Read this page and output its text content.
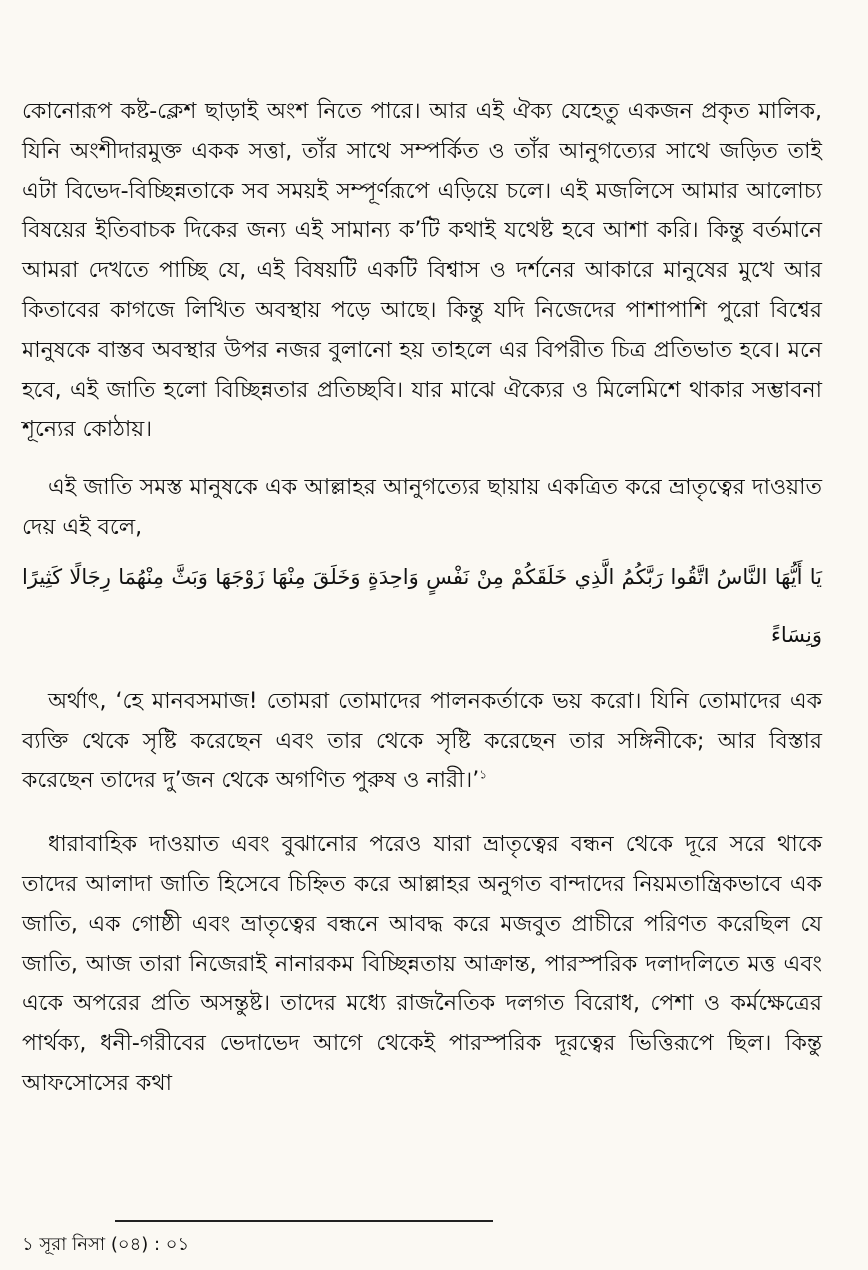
কোনোরূপ কষ্ট-ক্লেশ ছাড়াই অংশ নিতে পারে। আর এই ঐক্য যেহেতু একজন প্রকৃত মালিক, যিনি অংশীদারমুক্ত একক সত্তা, তাঁর সাথে সম্পর্কিত ও তাঁর আনুগত্যের সাথে জড়িত তাই এটা বিভেদ-বিচ্ছিন্নতাকে সব সময়ই সম্পূর্ণরূপে এড়িয়ে চলে। এই মজলিসে আমার আলোচ্য বিষয়ের ইতিবাচক দিকের জন্য এই সামান্য ক’টি কথাই যথেষ্ট হবে আশা করি। কিন্তু বর্তমানে আমরা দেখতে পাচ্ছি যে, এই বিষয়টি একটি বিশ্বাস ও দর্শনের আকারে মানুষের মুখে আর কিতাবের কাগজে লিখিত অবস্থায় পড়ে আছে। কিন্তু যদি নিজেদের পাশাপাশি পুরো বিশ্বের মানুষকে বাস্তব অবস্থার উপর নজর বুলানো হয় তাহলে এর বিপরীত চিত্র প্রতিভাত হবে। মনে হবে, এই জাতি হলো বিচ্ছিন্নতার প্রতিচ্ছবি। যার মাঝে ঐক্যের ও মিলেমিশে থাকার সম্ভাবনা শূন্যের কোঠায়।

এই জাতি সমস্ত মানুষকে এক আল্লাহর আনুগত্যের ছায়ায় একত্রিত করে ভ্রাতৃত্বের দাওয়াত দেয় এই বলে,

يَا أَيُّهَا النَّاسُ اتَّقُوا رَبَّكُمُ الَّذِي خَلَقَكُمْ مِنْ نَفْسٍ وَاحِدَةٍ وَخَلَقَ مِنْهَا زَوْجَهَا وَبَثَّ مِنْهُمَا رِجَالًا كَثِيرًا وَنِسَاءً

অর্থাৎ, ‘হে মানবসমাজ! তোমরা তোমাদের পালনকর্তাকে ভয় করো। যিনি তোমাদের এক ব্যক্তি থেকে সৃষ্টি করেছেন এবং তার থেকে সৃষ্টি করেছেন তার সঙ্গিনীকে; আর বিস্তার করেছেন তাদের দু’জন থেকে অগণিত পুরুষ ও নারী।’$^১$

ধারাবাহিক দাওয়াত এবং বুঝানোর পরেও যারা ভ্রাতৃত্বের বন্ধন থেকে দূরে সরে থাকে তাদের আলাদা জাতি হিসেবে চিহ্নিত করে আল্লাহর অনুগত বান্দাদের নিয়মতান্ত্রিকভাবে এক জাতি, এক গোষ্ঠী এবং ভ্রাতৃত্বের বন্ধনে আবদ্ধ করে মজবুত প্রাচীরে পরিণত করেছিল যে জাতি, আজ তারা নিজেরাই নানারকম বিচ্ছিন্নতায় আক্রান্ত, পারস্পরিক দলাদলিতে মত্ত এবং একে অপরের প্রতি অসন্তুষ্ট। তাদের মধ্যে রাজনৈতিক দলগত বিরোধ, পেশা ও কর্মক্ষেত্রের পার্থক্য, ধনী-গরীবের ভেদাভেদ আগে থেকেই পারস্পরিক দূরত্বের ভিত্তিরূপে ছিল। কিন্তু আফসোসের কথা

১ সূরা নিসা (০৪) : ০১
